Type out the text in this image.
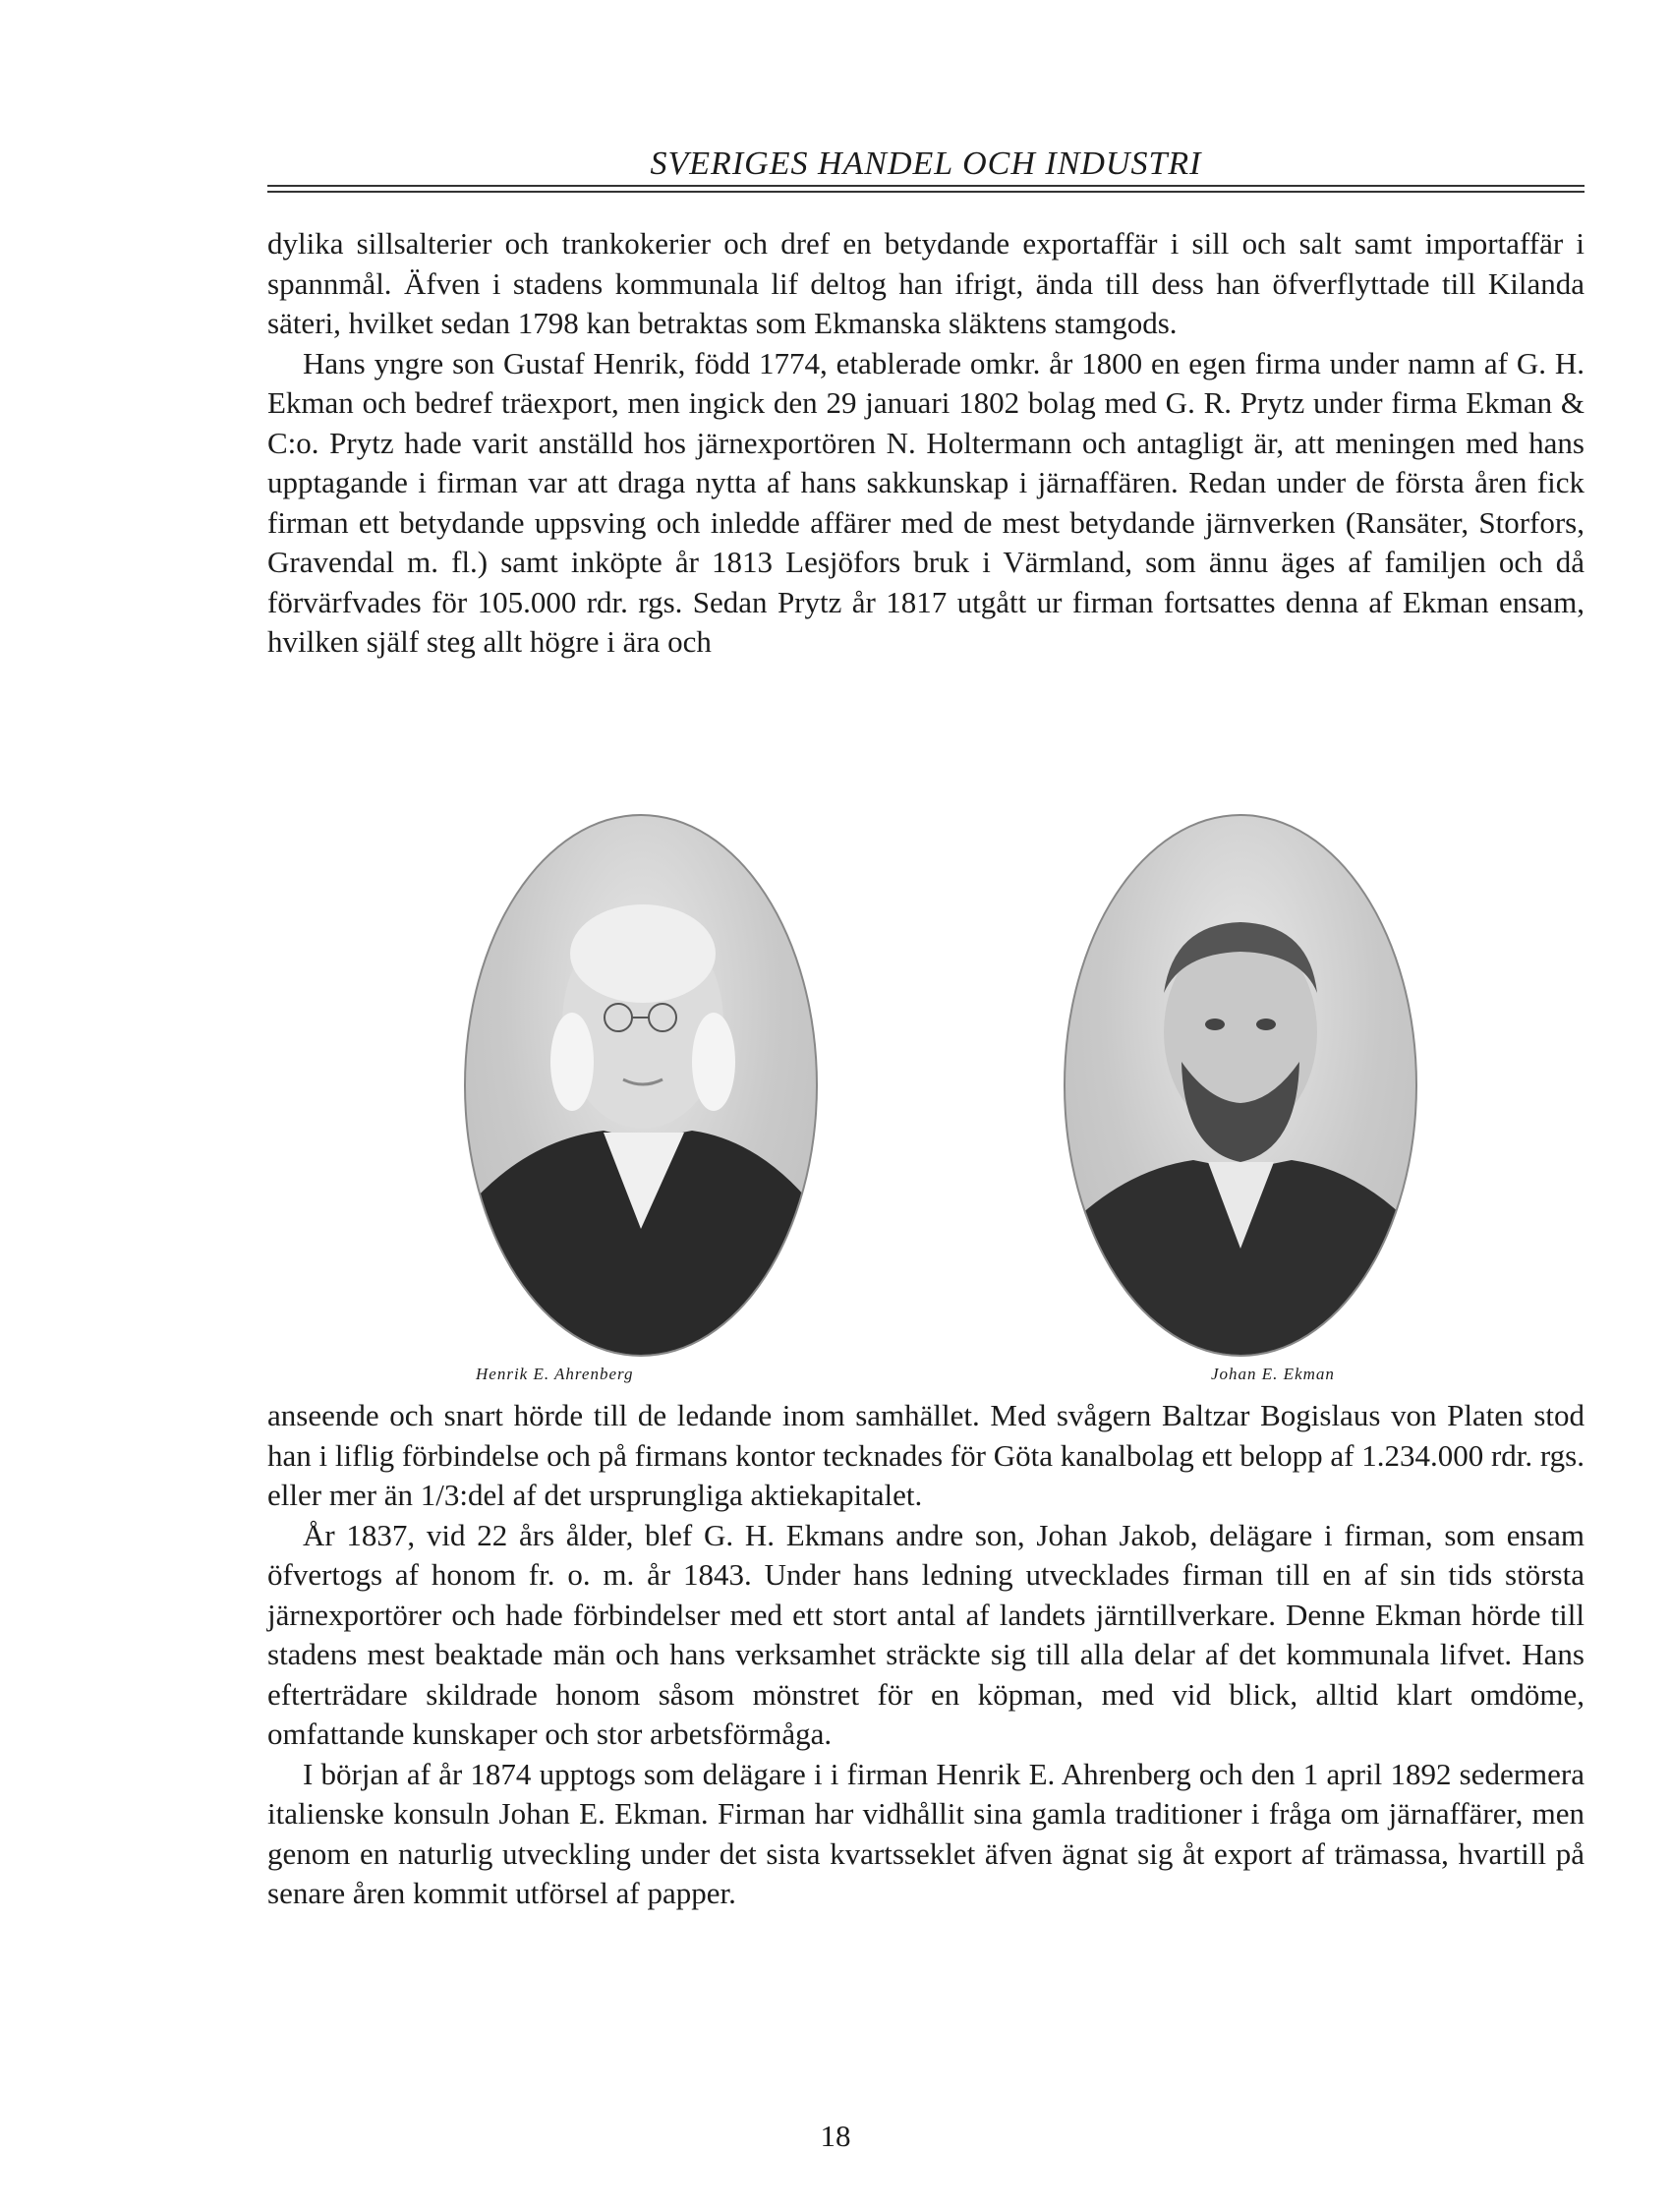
SVERIGES HANDEL OCH INDUSTRI

dylika sillsalterier och trankokerier och dref en betydande exportaffär i sill och salt samt importaffär i spannmål. Äfven i stadens kommunala lif deltog han ifrigt, ända till dess han öfverflyttade till Kilanda säteri, hvilket sedan 1798 kan betraktas som Ekmanska släktens stamgods.

Hans yngre son Gustaf Henrik, född 1774, etablerade omkr. år 1800 en egen firma under namn af G. H. Ekman och bedref träexport, men ingick den 29 januari 1802 bolag med G. R. Prytz under firma Ekman & C:o. Prytz hade varit anställd hos järnexportören N. Holtermann och antagligt är, att meningen med hans upptagande i firman var att draga nytta af hans sakkunskap i järnaffären. Redan under de första åren fick firman ett betydande uppsving och inledde affärer med de mest betydande järnverken (Ransäter, Storfors, Gravendal m. fl.) samt inköpte år 1813 Lesjöfors bruk i Värmland, som ännu äges af familjen och då förvärfvades för 105.000 rdr. rgs. Sedan Prytz år 1817 utgått ur firman fortsattes denna af Ekman ensam, hvilken själf steg allt högre i ära och

Henrik E. Ahrenberg	Johan E. Ekman

anseende och snart hörde till de ledande inom samhället. Med svågern Baltzar Bogislaus von Platen stod han i liflig förbindelse och på firmans kontor tecknades för Göta kanalbolag ett belopp af 1.234.000 rdr. rgs. eller mer än 1/3:del af det ursprungliga aktiekapitalet.

År 1837, vid 22 års ålder, blef G. H. Ekmans andre son, Johan Jakob, delägare i firman, som ensam öfvertogs af honom fr. o. m. år 1843. Under hans ledning utvecklades firman till en af sin tids största järnexportörer och hade förbindelser med ett stort antal af landets järntillverkare. Denne Ekman hörde till stadens mest beaktade män och hans verksamhet sträckte sig till alla delar af det kommunala lifvet. Hans efterträdare skildrade honom såsom mönstret för en köpman, med vid blick, alltid klart omdöme, omfattande kunskaper och stor arbetsförmåga.

I början af år 1874 upptogs som delägare i i firman Henrik E. Ahrenberg och den 1 april 1892 sedermera italienske konsuln Johan E. Ekman. Firman har vidhållit sina gamla traditioner i fråga om järnaffärer, men genom en naturlig utveckling under det sista kvartsseklet äfven ägnat sig åt export af trämassa, hvartill på senare åren kommit utförsel af papper.

18
